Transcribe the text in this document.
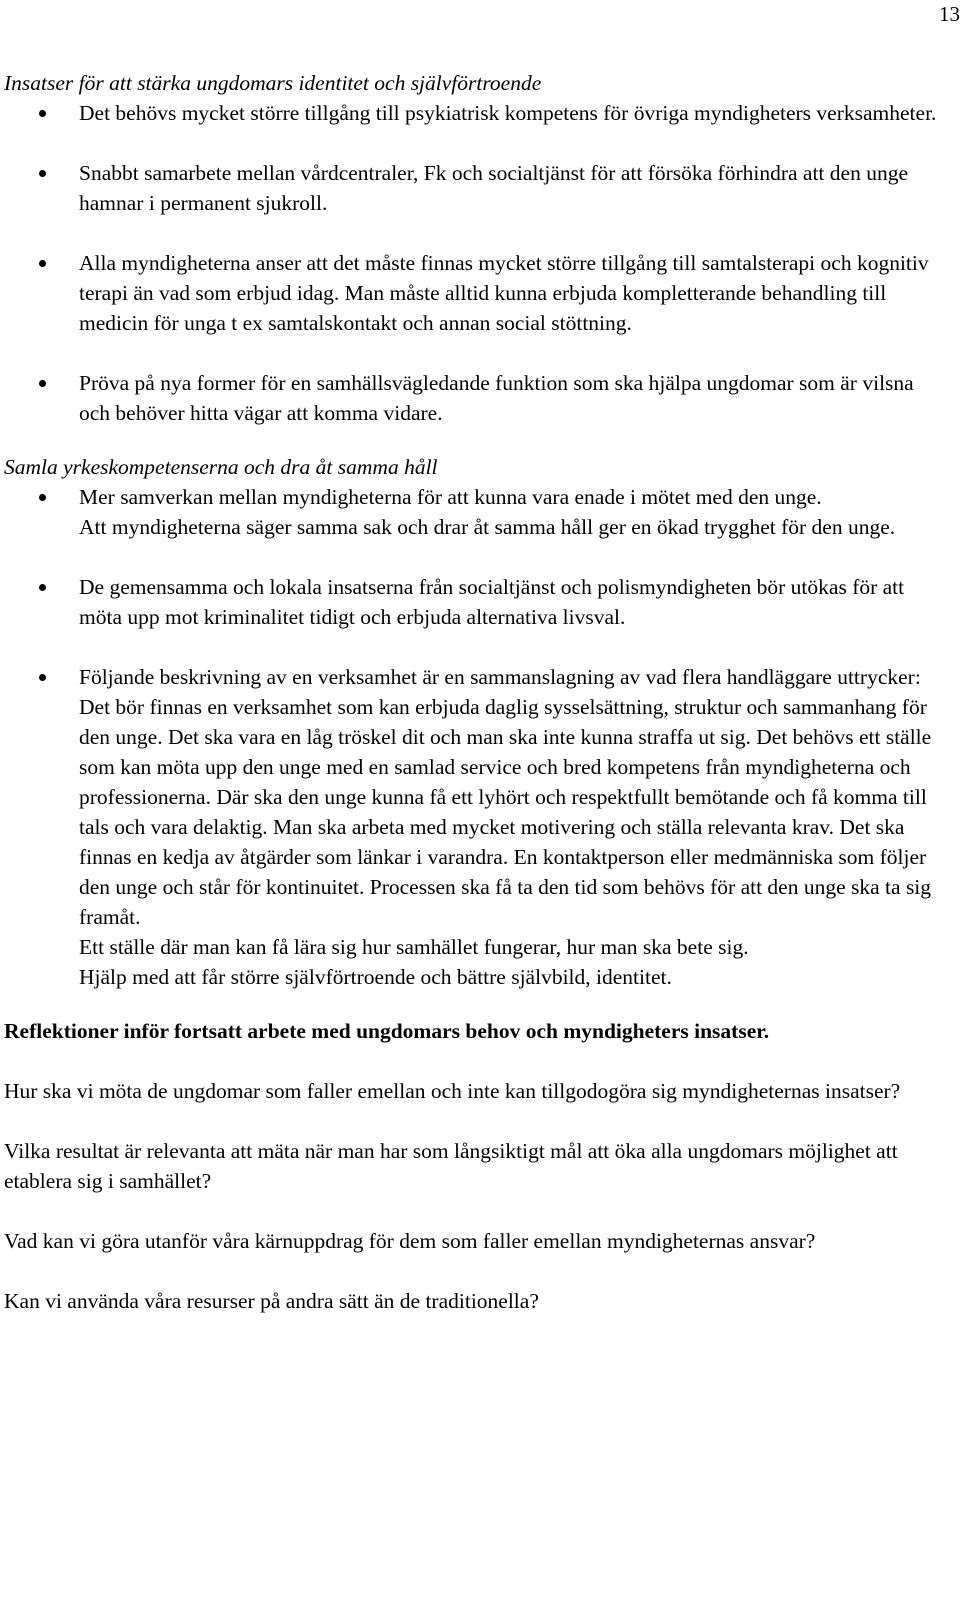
13

Insatser för att stärka ungdomars identitet och självförtroende

Det behövs mycket större tillgång till psykiatrisk kompetens för övriga myndigheters verksamheter.
Snabbt samarbete mellan vårdcentraler, Fk och socialtjänst för att försöka förhindra att den unge hamnar i permanent sjukroll.
Alla myndigheterna anser att det måste finnas mycket större tillgång till samtalsterapi och kognitiv terapi än vad som erbjud idag. Man måste alltid kunna erbjuda kompletterande behandling till medicin för unga t ex samtalskontakt och annan social stöttning.
Pröva på nya former för en samhällsvägledande funktion som ska hjälpa ungdomar som är vilsna och behöver hitta vägar att komma vidare.

Samla yrkeskompetenserna och dra åt samma håll

Mer samverkan mellan myndigheterna för att kunna vara enade i mötet med den unge.
Att myndigheterna säger samma sak och drar åt samma håll ger en ökad trygghet för den unge.
De gemensamma och lokala insatserna från socialtjänst och polismyndigheten bör utökas för att möta upp mot kriminalitet tidigt och erbjuda alternativa livsval.
Följande beskrivning av en verksamhet är en sammanslagning av vad flera handläggare uttrycker: Det bör finnas en verksamhet som kan erbjuda daglig sysselsättning, struktur och sammanhang för den unge. Det ska vara en låg tröskel dit och man ska inte kunna straffa ut sig. Det behövs ett ställe som kan möta upp den unge med en samlad service och bred kompetens från myndigheterna och professionerna. Där ska den unge kunna få ett lyhört och respektfullt bemötande och få komma till tals och vara delaktig. Man ska arbeta med mycket motivering och ställa relevanta krav. Det ska finnas en kedja av åtgärder som länkar i varandra. En kontaktperson eller medmänniska som följer den unge och står för kontinuitet. Processen ska få ta den tid som behövs för att den unge ska ta sig framåt.
Ett ställe där man kan få lära sig hur samhället fungerar, hur man ska bete sig.
Hjälp med att får större självförtroende och bättre självbild, identitet.

Reflektioner inför fortsatt arbete med ungdomars behov och myndigheters insatser.

Hur ska vi möta de ungdomar som faller emellan och inte kan tillgodogöra sig myndigheternas insatser?

Vilka resultat är relevanta att mäta när man har som långsiktigt mål att öka alla ungdomars möjlighet att etablera sig i samhället?

Vad kan vi göra utanför våra kärnuppdrag för dem som faller emellan myndigheternas ansvar?

Kan vi använda våra resurser på andra sätt än de traditionella?
